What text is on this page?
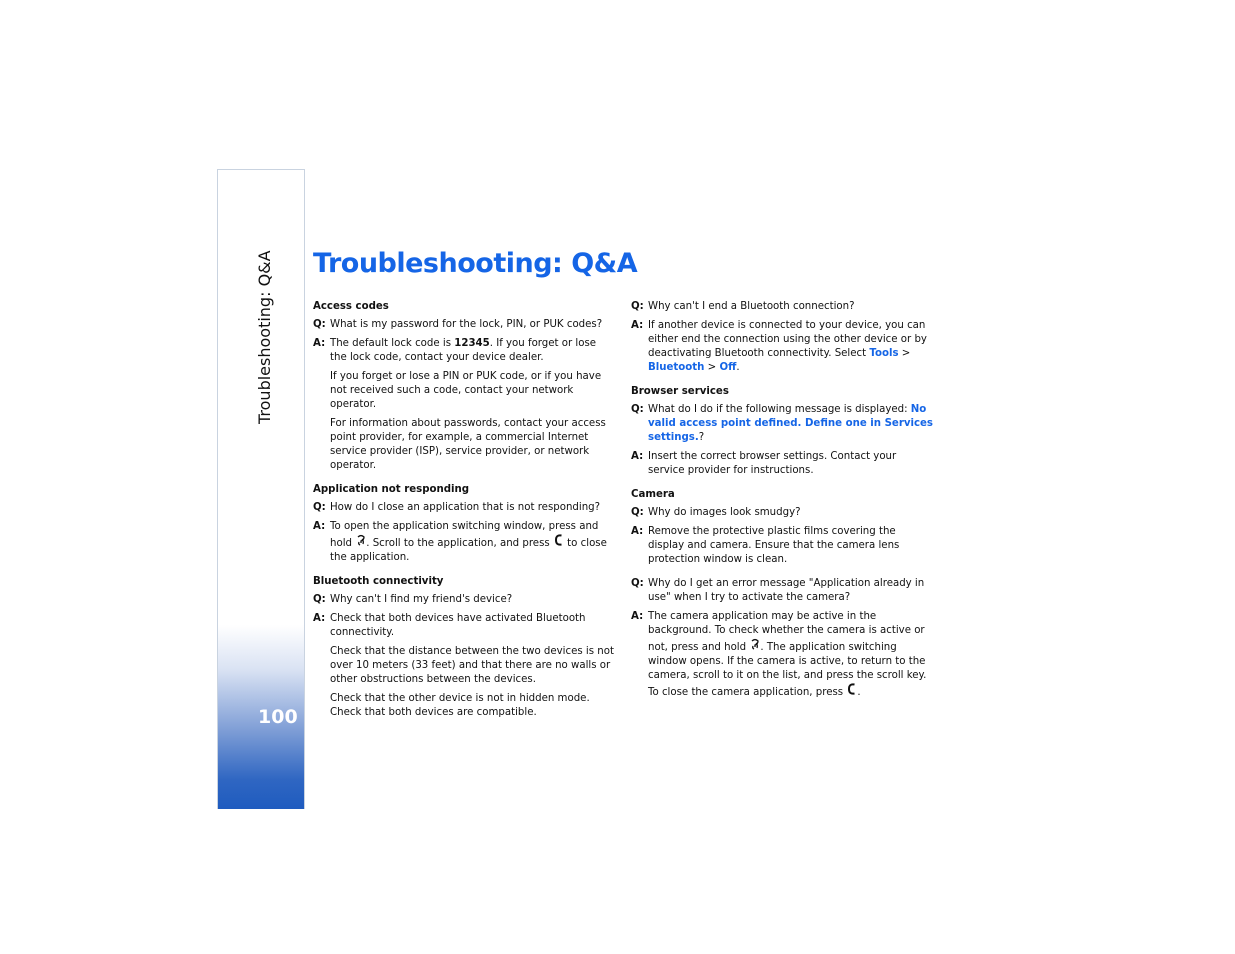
Troubleshooting: Q&A
100
Troubleshooting: Q&A
Access codes
Q: What is my password for the lock, PIN, or PUK codes?
A: The default lock code is 12345. If you forget or lose the lock code, contact your device dealer.
If you forget or lose a PIN or PUK code, or if you have not received such a code, contact your network operator.
For information about passwords, contact your access point provider, for example, a commercial Internet service provider (ISP), service provider, or network operator.
Application not responding
Q: How do I close an application that is not responding?
A: To open the application switching window, press and hold . Scroll to the application, and press  to close the application.
Bluetooth connectivity
Q: Why can't I find my friend's device?
A: Check that both devices have activated Bluetooth connectivity.
Check that the distance between the two devices is not over 10 meters (33 feet) and that there are no walls or other obstructions between the devices.
Check that the other device is not in hidden mode. Check that both devices are compatible.
Q: Why can't I end a Bluetooth connection?
A: If another device is connected to your device, you can either end the connection using the other device or by deactivating Bluetooth connectivity. Select Tools > Bluetooth > Off.
Browser services
Q: What do I do if the following message is displayed: No valid access point defined. Define one in Services settings.?
A: Insert the correct browser settings. Contact your service provider for instructions.
Camera
Q: Why do images look smudgy?
A: Remove the protective plastic films covering the display and camera. Ensure that the camera lens protection window is clean.
Q: Why do I get an error message "Application already in use" when I try to activate the camera?
A: The camera application may be active in the background. To check whether the camera is active or not, press and hold . The application switching window opens. If the camera is active, to return to the camera, scroll to it on the list, and press the scroll key. To close the camera application, press .
